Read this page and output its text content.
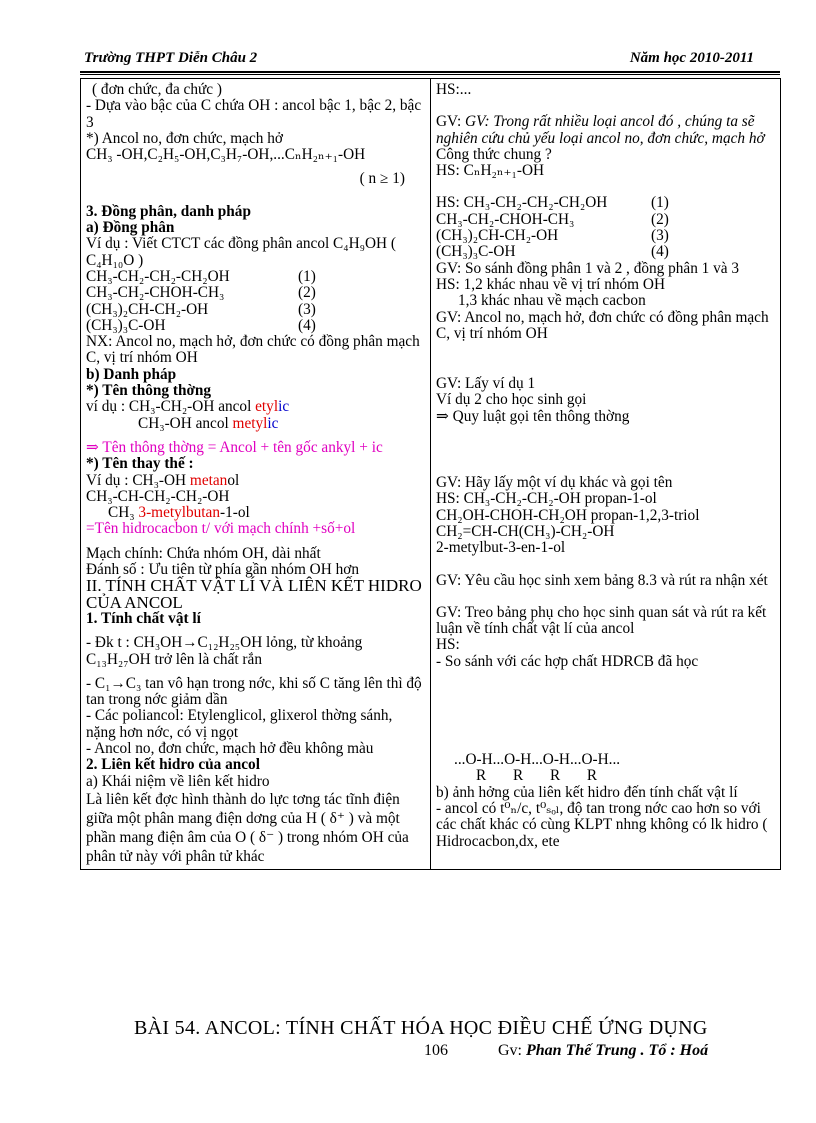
Trường THPT Diễn Châu 2	Năm học 2010-2011
( đơn chức, đa chức )
- Dựa vào bậc của C chứa OH : ancol bậc 1, bậc 2, bậc 3
*) Ancol no, đơn chức, mạch hở
CH₃ -OH,C₂H₅-OH,C₃H₇-OH,...CₙH₂ₙ₊₁-OH
( n ≥ 1)
3. Đồng phân, danh pháp
a) Đồng phân
Ví dụ : Viết CTCT các đồng phân ancol C₄H₉OH ( C₄H₁₀O )
CH₃-CH₂-CH₂-CH₂OH	(1)
CH₃-CH₂-CHOH-CH₃	(2)
(CH₃)₂CH-CH₂-OH	(3)
(CH₃)₃C-OH	(4)
NX: Ancol no, mạch hở, đơn chức có đồng phân mạch C, vị trí nhóm OH
b) Danh pháp
*) Tên thông thờng
ví dụ : CH₃-CH₂-OH ancol etylic
CH₃-OH ancol metylic
⇒ Tên thông thờng = Ancol + tên gốc ankyl + ic
*) Tên thay thế :
Ví dụ : CH₃-OH metanol
CH₃-CH-CH₂-CH₂-OH
CH₃ 3-metylbutan-1-ol
=Tên hidrocacbon t/ với mạch chính +số+ol
Mạch chính: Chứa nhóm OH, dài nhất
Đánh số : Ưu tiên từ phía gần nhóm OH hơn
II. TÍNH CHẤT VẬT LÍ VÀ LIÊN KẾT HIDRO CỦA ANCOL
1. Tính chất vật lí
- Đk t : CH₃OH→C₁₂H₂₅OH lỏng, từ khoảng C₁₃H₂₇OH trở lên là chất rắn
- C₁→C₃ tan vô hạn trong nớc, khi số C tăng lên thì độ tan trong nớc giảm dần
- Các poliancol: Etylenglicol, glixerol thờng sánh, nặng hơn nớc, có vị ngọt
- Ancol no, đơn chức, mạch hở đều không màu
2. Liên kết hidro của ancol
a) Khái niệm về liên kết hidro
Là liên kết đợc hình thành do lực tơng tác tĩnh điện giữa một phân mang điện dơng của H ( δ⁺ ) và một phần mang điện âm của O ( δ⁻ ) trong nhóm OH của phân tử này với phân tử khác

HS:...
GV: GV: Trong rất nhiều loại ancol đó , chúng ta sẽ nghiên cứu chủ yếu loại ancol no, đơn chức, mạch hở
Công thức chung ?
HS: CₙH₂ₙ₊₁-OH
HS: CH₃-CH₂-CH₂-CH₂OH	(1)
CH₃-CH₂-CHOH-CH₃	(2)
(CH₃)₂CH-CH₂-OH	(3)
(CH₃)₃C-OH	(4)
GV: So sánh đồng phân 1 và 2 , đồng phân 1 và 3
HS: 1,2 khác nhau về vị trí nhóm OH
1,3 khác nhau về mạch cacbon
GV: Ancol no, mạch hở, đơn chức có đồng phân mạch C, vị trí nhóm OH
GV: Lấy ví dụ 1
Ví dụ 2 cho học sinh gọi
⇒ Quy luật gọi tên thông thờng
GV: Hãy lấy một ví dụ khác và gọi tên
HS: CH₃-CH₂-CH₂-OH propan-1-ol
CH₂OH-CHOH-CH₂OH propan-1,2,3-triol
CH₂=CH-CH(CH₃)-CH₂-OH
2-metylbut-3-en-1-ol
GV: Yêu cầu học sinh xem bảng 8.3 và rút ra nhận xét
GV: Treo bảng phụ cho học sinh quan sát và rút ra kết luận về tính chất vật lí của ancol
HS:
- So sánh với các hợp chất HDRCB đã học
...O-H...O-H...O-H...O-H...
R       R       R       R
b) ảnh hởng của liên kết hidro đến tính chất vật lí
- ancol có t⁰ₙ/c, t⁰ₛₒₗ, độ tan trong nớc cao hơn so với các chất khác có cùng KLPT nhng không có lk hidro ( Hidrocacbon,dx, ete
BÀI 54. ANCOL: TÍNH CHẤT HÓA HỌC ĐIỀU CHẾ ỨNG DỤNG
106	Gv: Phan Thế Trung . Tổ : Hoá
